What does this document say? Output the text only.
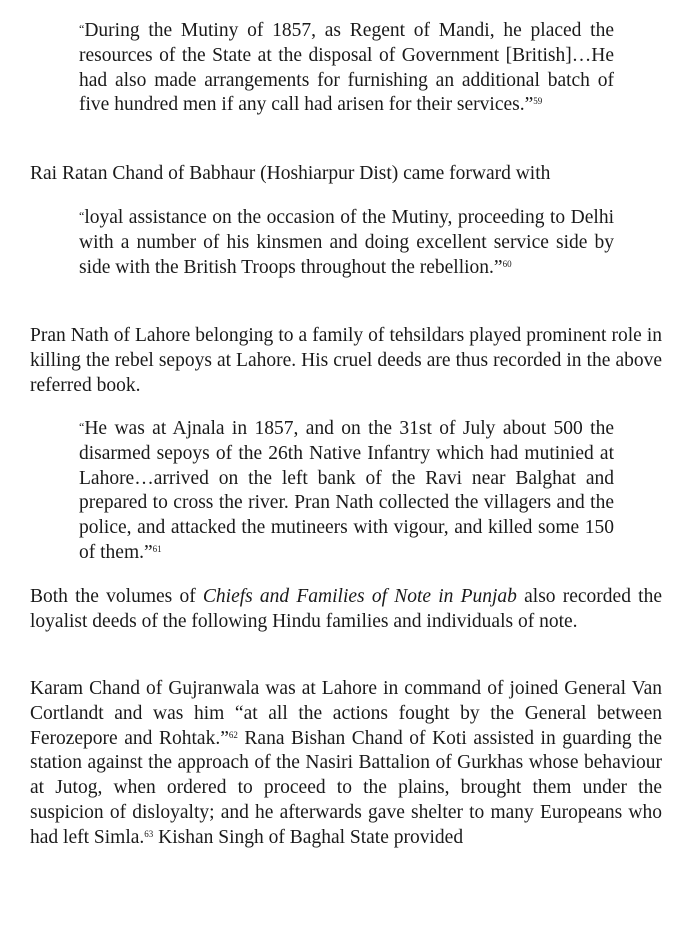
“During the Mutiny of 1857, as Regent of Mandi, he placed the resources of the State at the disposal of Government [British]…He had also made arrangements for furnishing an additional batch of five hundred men if any call had arisen for their services.”$^{59}$

Rai Ratan Chand of Babhaur (Hoshiarpur Dist) came forward with

“loyal assistance on the occasion of the Mutiny, proceeding to Delhi with a number of his kinsmen and doing excellent service side by side with the British Troops throughout the rebellion.”$^{60}$

Pran Nath of Lahore belonging to a family of tehsildars played prominent role in killing the rebel sepoys at Lahore. His cruel deeds are thus recorded in the above referred book.

“He was at Ajnala in 1857, and on the 31st of July about 500 the disarmed sepoys of the 26th Native Infantry which had mutinied at Lahore…arrived on the left bank of the Ravi near Balghat and prepared to cross the river. Pran Nath collected the villagers and the police, and attacked the mutineers with vigour, and killed some 150 of them.”$^{61}$

Both the volumes of Chiefs and Families of Note in Punjab also recorded the loyalist deeds of the following Hindu families and individuals of note.

Karam Chand of Gujranwala was at Lahore in command of joined General Van Cortlandt and was him “at all the actions fought by the General between Ferozepore and Rohtak.”$^{62}$ Rana Bishan Chand of Koti assisted in guarding the station against the approach of the Nasiri Battalion of Gurkhas whose behaviour at Jutog, when ordered to proceed to the plains, brought them under the suspicion of disloyalty; and he afterwards gave shelter to many Europeans who had left Simla.$^{63}$ Kishan Singh of Baghal State provided
